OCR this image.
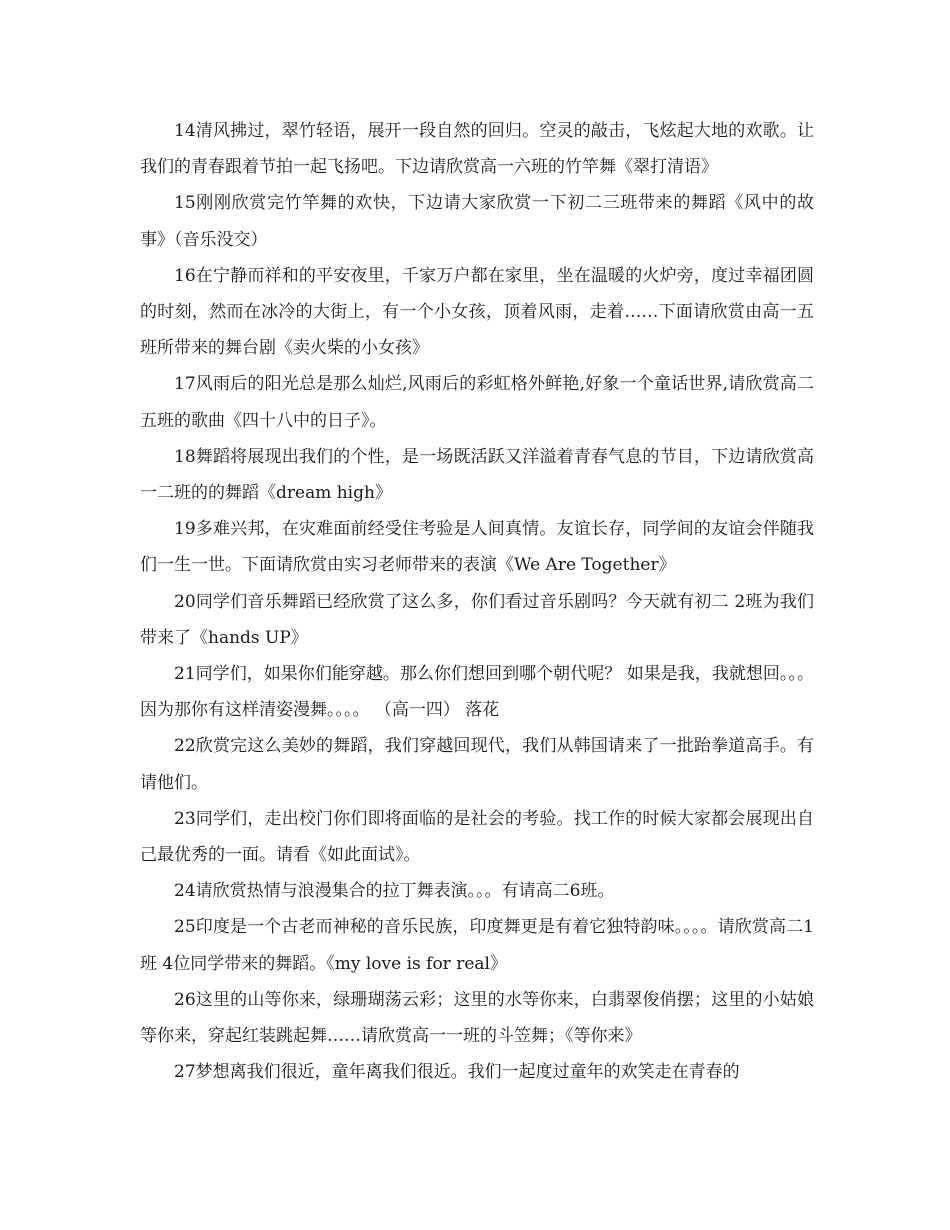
14清风拂过，翠竹轻语，展开一段自然的回归。空灵的敲击，飞炫起大地的欢歌。让我们的青春跟着节拍一起飞扬吧。下边请欣赏高一六班的竹竿舞《翠打清语》

15刚刚欣赏完竹竿舞的欢快，下边请大家欣赏一下初二三班带来的舞蹈《风中的故事》（音乐没交）

16在宁静而祥和的平安夜里，千家万户都在家里，坐在温暖的火炉旁，度过幸福团圆的时刻，然而在冰冷的大街上，有一个小女孩，顶着风雨，走着……下面请欣赏由高一五班所带来的舞台剧《卖火柴的小女孩》

17风雨后的阳光总是那么灿烂,风雨后的彩虹格外鲜艳,好象一个童话世界,请欣赏高二五班的歌曲《四十八中的日子》。

18舞蹈将展现出我们的个性，是一场既活跃又洋溢着青春气息的节目，下边请欣赏高一二班的的舞蹈《dream high》

19多难兴邦，在灾难面前经受住考验是人间真情。友谊长存，同学间的友谊会伴随我们一生一世。下面请欣赏由实习老师带来的表演《We Are Together》

20同学们音乐舞蹈已经欣赏了这么多，你们看过音乐剧吗？今天就有初二 2班为我们带来了《hands UP》

21同学们，如果你们能穿越。那么你们想回到哪个朝代呢？ 如果是我，我就想回。。。 因为那你有这样清姿漫舞。。。。 （高一四） 落花

22欣赏完这么美妙的舞蹈，我们穿越回现代，我们从韩国请来了一批跆拳道高手。有请他们。

23同学们，走出校门你们即将面临的是社会的考验。找工作的时候大家都会展现出自己最优秀的一面。请看《如此面试》。

24请欣赏热情与浪漫集合的拉丁舞表演。。。有请高二6班。

25印度是一个古老而神秘的音乐民族，印度舞更是有着它独特韵味。。。。请欣赏高二1班 4位同学带来的舞蹈。《my love is for real》

26这里的山等你来，绿珊瑚荡云彩；这里的水等你来，白翡翠俊俏摆；这里的小姑娘等你来，穿起红装跳起舞……请欣赏高一一班的斗笠舞；《等你来》

27梦想离我们很近，童年离我们很近。我们一起度过童年的欢笑走在青春的
